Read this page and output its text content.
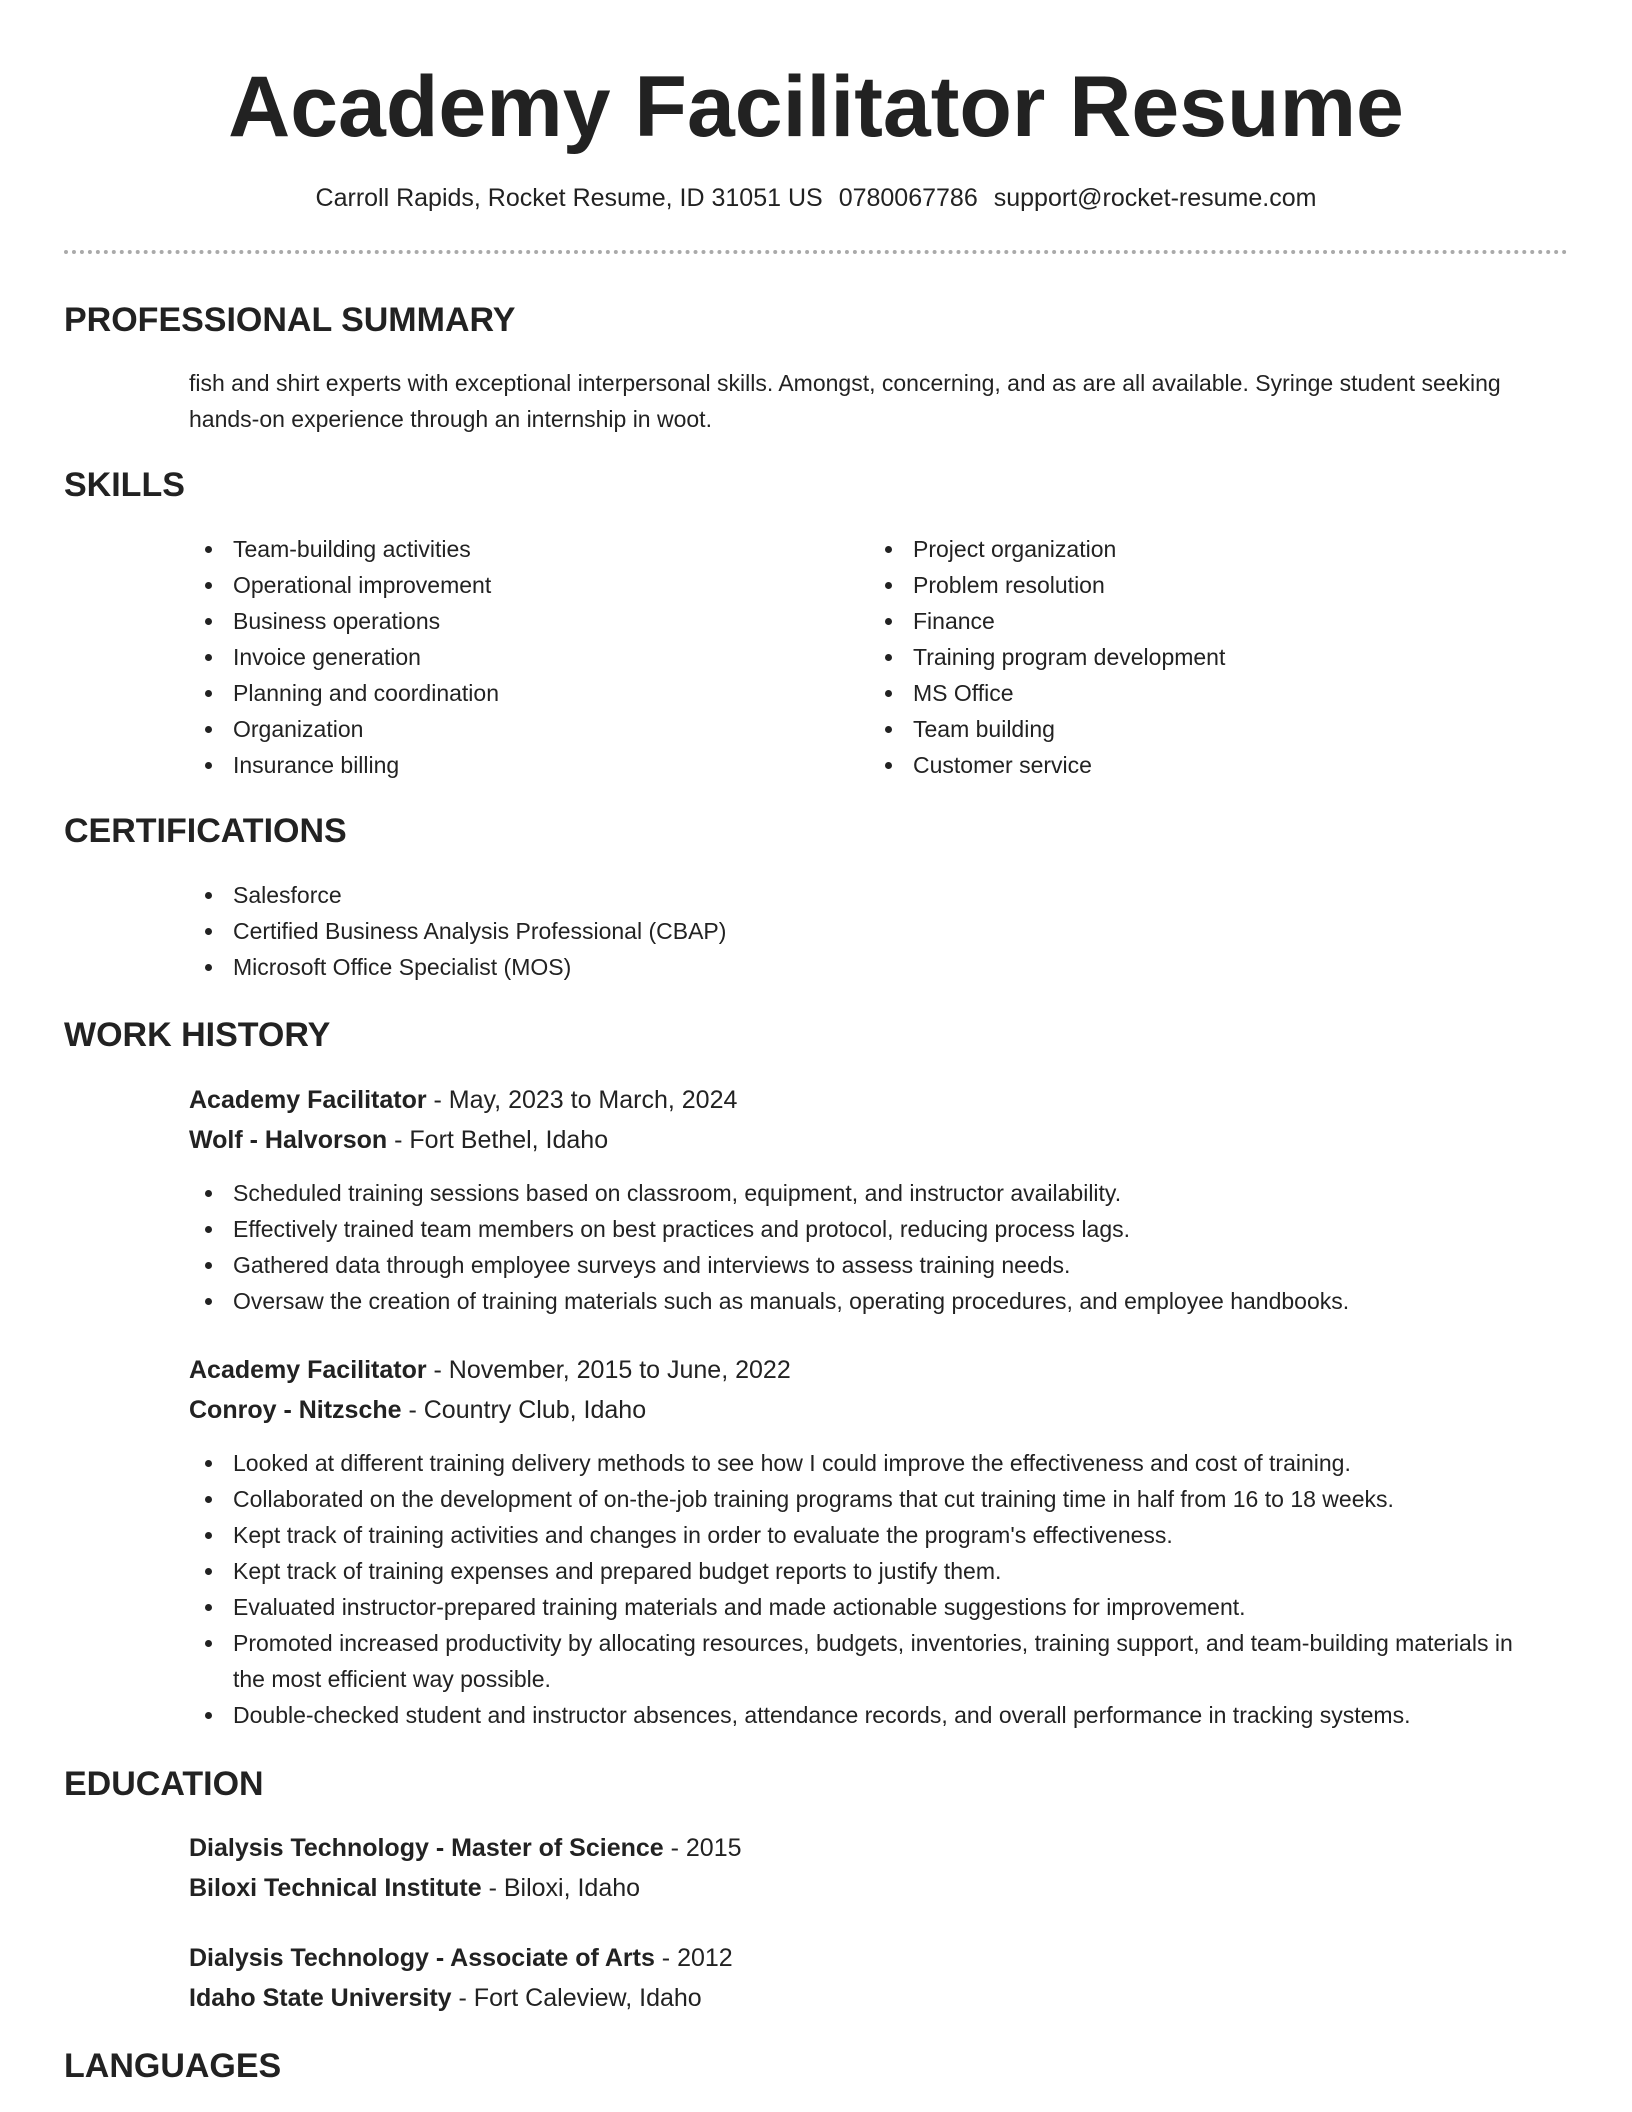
Academy Facilitator Resume
Carroll Rapids, Rocket Resume, ID 31051 US 0780067786 support@rocket-resume.com
PROFESSIONAL SUMMARY

fish and shirt experts with exceptional interpersonal skills. Amongst, concerning, and as are all available. Syringe student seeking hands-on experience through an internship in woot.

SKILLS
Team-building activities
Operational improvement
Business operations
Invoice generation
Planning and coordination
Organization
Insurance billing
Project organization
Problem resolution
Finance
Training program development
MS Office
Team building
Customer service
CERTIFICATIONS
Salesforce
Certified Business Analysis Professional (CBAP)
Microsoft Office Specialist (MOS)
WORK HISTORY
Academy Facilitator - May, 2023 to March, 2024
Wolf - Halvorson - Fort Bethel, Idaho
Scheduled training sessions based on classroom, equipment, and instructor availability.
Effectively trained team members on best practices and protocol, reducing process lags.
Gathered data through employee surveys and interviews to assess training needs.
Oversaw the creation of training materials such as manuals, operating procedures, and employee handbooks.
Academy Facilitator - November, 2015 to June, 2022
Conroy - Nitzsche - Country Club, Idaho
Looked at different training delivery methods to see how I could improve the effectiveness and cost of training.
Collaborated on the development of on-the-job training programs that cut training time in half from 16 to 18 weeks.
Kept track of training activities and changes in order to evaluate the program's effectiveness.
Kept track of training expenses and prepared budget reports to justify them.
Evaluated instructor-prepared training materials and made actionable suggestions for improvement.
Promoted increased productivity by allocating resources, budgets, inventories, training support, and team-building materials in the most efficient way possible.
Double-checked student and instructor absences, attendance records, and overall performance in tracking systems.
EDUCATION
Dialysis Technology - Master of Science - 2015
Biloxi Technical Institute - Biloxi, Idaho
Dialysis Technology - Associate of Arts - 2012
Idaho State University - Fort Caleview, Idaho
LANGUAGES
